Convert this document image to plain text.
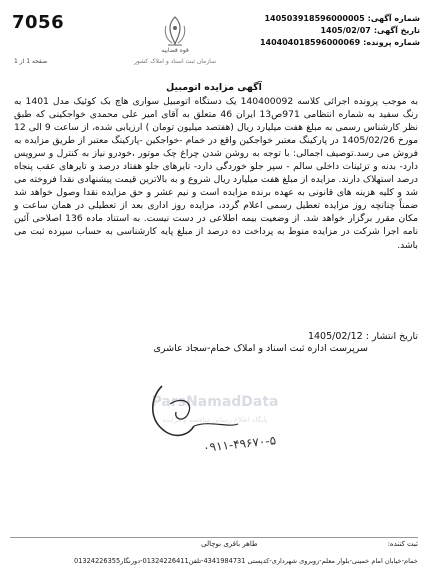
7056	شماره آگهی:140503918596000005
تاریخ آگهی:1405/02/07
شماره پرونده:140404018596000069
قوه قضاییه
سازمان ثبت اسناد و املاک کشور
صفحه 1 از 1
آگهی مزایده اتومبیل
به موجب پرونده اجرائی کلاسه 140400092 یک دستگاه اتومبیل سواری هاچ بک کوئیک مدل 1401 به رنگ سفید به شماره انتظامی 971ص13 ایران 46 متعلق به آقای امیر علی محمدی خواجکینی که طبق نظر کارشناس رسمی به مبلغ هفت میلیارد ریال (هفتصد میلیون تومان ) ارزیابی شده، از ساعت 9 الی 12 مورخ 1405/02/26 در پارکینگ معتبر خواجکین واقع در خمام -خواجکین -پارکینگ معتبر از طریق مزایده به فروش می رسد.توصیف اجمالی: با توجه به روشن شدن چراغ چک موتور ،خودرو نیاز به کنترل و سرویس دارد- بدنه و تزئینات داخلی سالم - سپر جلو خوردگی دارد- تایرهای جلو هفتاد درصد و تایرهای عقب پنجاه درصد استهلاک دارند. مزایده از مبلغ هفت میلیارد ریال شروع و به بالاترین قیمت پیشنهادی نقدا فروخته می شد و کلیه هزینه های قانونی به عهده برنده مزایده است و نیم عشر و حق مزایده نقدا وصول خواهد شد ضمناً چنانچه روز مزایده تعطیل رسمی اعلام گردد، مزایده روز اداری بعد از تعطیلی در همان ساعت و مکان مقرر برگزار خواهد شد. از وضعیت بیمه اطلاعی در دست نیست. به استناد ماده 136 اصلاحی آئین نامه اجرا شرکت در مزایده منوط به پرداخت ده درصد از مبلغ پایه کارشناسی به حساب سپرده ثبت می باشد.
تاریخ انتشار : 1405/02/12
سرپرست اداره ثبت اسناد و املاک خمام-سجاد عاشری
ParsNamadData
پایگاه اطلاع رسانی مناقصه و مزایده
۰۹۱۱-۴۹۶۷۰-۵
ثبت کننده:طاهر باقری نوچالی
خمام-خیابان امام خمینی-بلوار معلم-روبروی شهرداری-کدپستی 4341984731-تلفن01324226411-دورنگار01324226355
